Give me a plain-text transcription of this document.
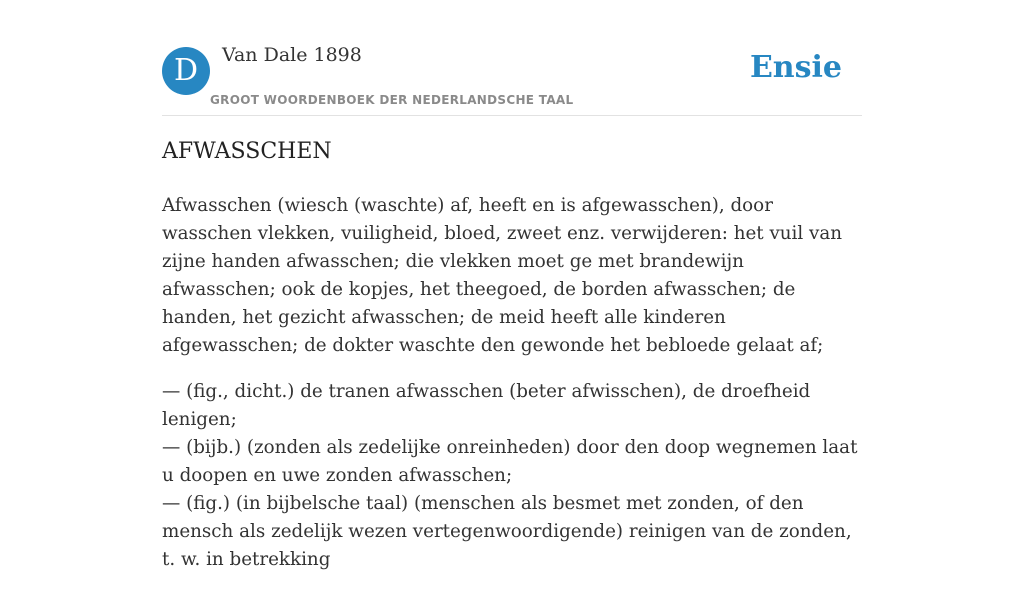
D	Van Dale 1898
GROOT WOORDENBOEK DER NEDERLANDSCHE TAAL
Ensie
AFWASSCHEN

Afwasschen (wiesch (waschte) af, heeft en is afgewasschen), door wasschen vlekken, vuiligheid, bloed, zweet enz. verwijderen: het vuil van zijne handen afwasschen; die vlekken moet ge met brandewijn afwasschen; ook de kopjes, het theegoed, de borden afwasschen; de handen, het gezicht afwasschen; de meid heeft alle kinderen afgewasschen; de dokter waschte den gewonde het bebloede gelaat af;

— (fig., dicht.) de tranen afwasschen (beter afwisschen), de droefheid lenigen;
— (bijb.) (zonden als zedelijke onreinheden) door den doop wegnemen laat u doopen en uwe zonden afwasschen;
— (fig.) (in bijbelsche taal) (menschen als besmet met zonden, of den mensch als zedelijk wezen vertegenwoordigende) reinigen van de zonden, t. w. in betrekking
